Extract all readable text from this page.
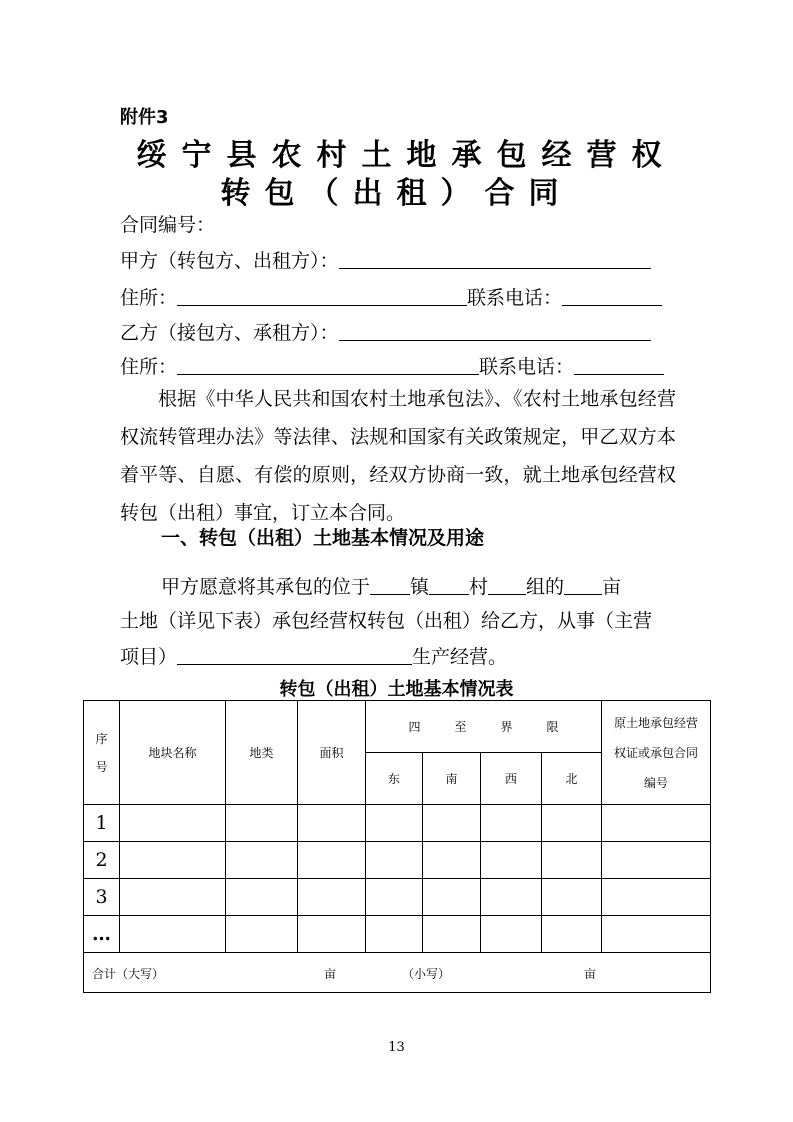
附件3
绥宁县农村土地承包经营权
转包（出租）合同
合同编号：
甲方（转包方、出租方）：
住所：	联系电话：
乙方（接包方、承租方）：
住所：	联系电话：
根据《中华人民共和国农村土地承包法》、《农村土地承包经营权流转管理办法》等法律、法规和国家有关政策规定，甲乙双方本着平等、自愿、有偿的原则，经双方协商一致，就土地承包经营权转包（出租）事宜，订立本合同。
一、转包（出租）土地基本情况及用途
甲方愿意将其承包的位于 镇 村 组的 亩
土地（详见下表）承包经营权转包（出租）给乙方，从事（主营
项目）	生产经营。
转包（出租）土地基本情况表
序号	地块名称	地类	面积	四至界限				原土地承包经营权证或承包合同编号
				东	南	西	北	
1								
2								
3								
…								

合计（大写） 亩 （小写） 亩								
13
